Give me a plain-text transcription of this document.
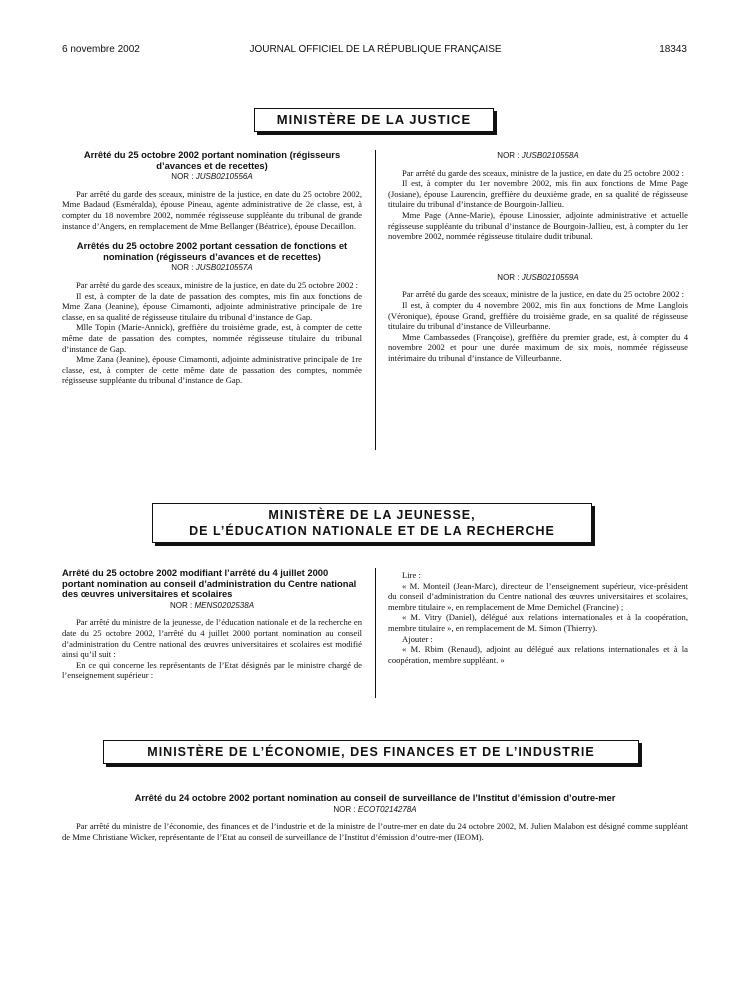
6 novembre 2002	JOURNAL OFFICIEL DE LA RÉPUBLIQUE FRANÇAISE	18343
MINISTÈRE DE LA JUSTICE

Arrêté du 25 octobre 2002 portant nomination (régisseurs d’avances et de recettes)

NOR : JUSB0210556A

Par arrêté du garde des sceaux, ministre de la justice, en date du 25 octobre 2002, Mme Badaud (Esméralda), épouse Pineau, agente administrative de 2e classe, est, à compter du 18 novembre 2002, nommée régisseuse suppléante du tribunal de grande instance d’Angers, en remplacement de Mme Bellanger (Béatrice), épouse Decaillon.

Arrêtés du 25 octobre 2002 portant cessation de fonctions et nomination (régisseurs d’avances et de recettes)

NOR : JUSB0210557A

Par arrêté du garde des sceaux, ministre de la justice, en date du 25 octobre 2002 :

Il est, à compter de la date de passation des comptes, mis fin aux fonctions de Mme Zana (Jeanine), épouse Cimamonti, adjointe administrative principale de 1re classe, en sa qualité de régisseuse titulaire du tribunal d’instance de Gap.

Mlle Topin (Marie-Annick), greffière du troisième grade, est, à compter de cette même date de passation des comptes, nommée régisseuse titulaire du tribunal d’instance de Gap.

Mme Zana (Jeanine), épouse Cimamonti, adjointe administrative principale de 1re classe, est, à compter de cette même date de passation des comptes, nommée régisseuse suppléante du tribunal d’instance de Gap.

NOR : JUSB0210558A

Par arrêté du garde des sceaux, ministre de la justice, en date du 25 octobre 2002 :

Il est, à compter du 1er novembre 2002, mis fin aux fonctions de Mme Page (Josiane), épouse Laurencin, greffière du deuxième grade, en sa qualité de régisseuse titulaire du tribunal d’instance de Bourgoin-Jallieu.

Mme Page (Anne-Marie), épouse Linossier, adjointe administrative et actuelle régisseuse suppléante du tribunal d’instance de Bourgoin-Jallieu, est, à compter du 1er novembre 2002, nommée régisseuse titulaire dudit tribunal.

NOR : JUSB0210559A

Par arrêté du garde des sceaux, ministre de la justice, en date du 25 octobre 2002 :

Il est, à compter du 4 novembre 2002, mis fin aux fonctions de Mme Langlois (Véronique), épouse Grand, greffière du troisième grade, en sa qualité de régisseuse titulaire du tribunal d’instance de Villeurbanne.

Mme Cambassedes (Françoise), greffière du premier grade, est, à compter du 4 novembre 2002 et pour une durée maximum de six mois, nommée régisseuse intérimaire du tribunal d’instance de Villeurbanne.

MINISTÈRE DE LA JEUNESSE,
DE L’ÉDUCATION NATIONALE ET DE LA RECHERCHE

Arrêté du 25 octobre 2002 modifiant l’arrêté du 4 juillet 2000 portant nomination au conseil d’administration du Centre national des œuvres universitaires et scolaires

NOR : MENS0202538A

Par arrêté du ministre de la jeunesse, de l’éducation nationale et de la recherche en date du 25 octobre 2002, l’arrêté du 4 juillet 2000 portant nomination au conseil d’administration du Centre national des œuvres universitaires et scolaires est modifié ainsi qu’il suit :

En ce qui concerne les représentants de l’Etat désignés par le ministre chargé de l’enseignement supérieur :

Lire :

« M. Monteil (Jean-Marc), directeur de l’enseignement supérieur, vice-président du conseil d’administration du Centre national des œuvres universitaires et scolaires, membre titulaire », en remplacement de Mme Demichel (Francine) ;

« M. Vitry (Daniel), délégué aux relations internationales et à la coopération, membre titulaire », en remplacement de M. Simon (Thierry).

Ajouter :

« M. Rbim (Renaud), adjoint au délégué aux relations internationales et à la coopération, membre suppléant. »

MINISTÈRE DE L’ÉCONOMIE, DES FINANCES ET DE L’INDUSTRIE

Arrêté du 24 octobre 2002 portant nomination au conseil de surveillance de l’Institut d’émission d’outre-mer

NOR : ECOT0214278A

Par arrêté du ministre de l’économie, des finances et de l’industrie et de la ministre de l’outre-mer en date du 24 octobre 2002, M. Julien Malabon est désigné comme suppléant de Mme Christiane Wicker, représentante de l’Etat au conseil de surveillance de l’Institut d’émission d’outre-mer (IEOM).
